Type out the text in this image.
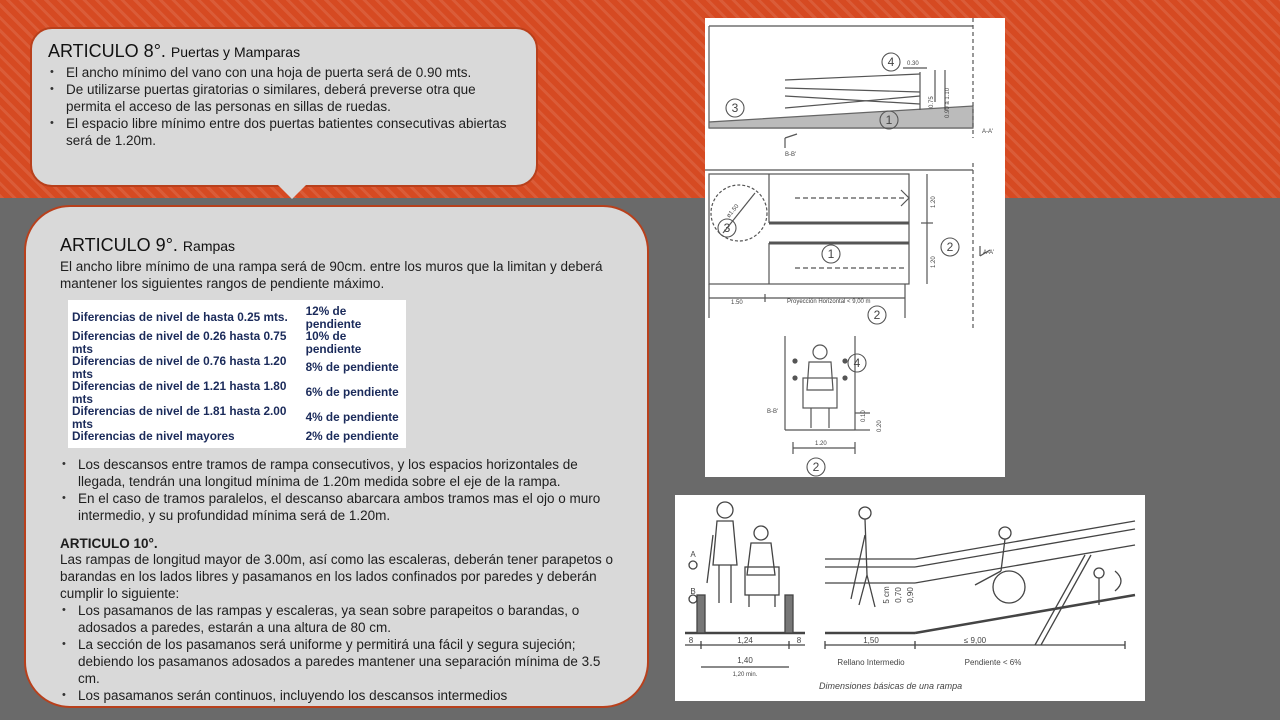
ARTICULO 8°. Puertas y Mamparas
• El ancho mínimo del vano con una hoja de puerta será de 0.90 mts.
• De utilizarse puertas giratorias o similares, deberá preverse otra que permita el acceso de las personas en sillas de ruedas.
• El espacio libre mínimo entre dos puertas batientes consecutivas abiertas será de 1.20m.
ARTICULO 9°. Rampas

El ancho libre mínimo de una rampa será de 90cm. entre los muros que la limitan y deberá mantener los siguientes rangos de pendiente máximo.

Diferencias de nivel de hasta 0.25 mts.	12% de pendiente
Diferencias de nivel de 0.26 hasta 0.75 mts	10% de pendiente
Diferencias de nivel de 0.76 hasta 1.20 mts	8% de pendiente
Diferencias de nivel de 1.21 hasta 1.80 mts	6% de pendiente
Diferencias de nivel de 1.81 hasta 2.00 mts	4% de pendiente
Diferencias de nivel mayores	2% de pendiente
• Los descansos entre tramos de rampa consecutivos, y los espacios horizontales de llegada, tendrán una longitud mínima de 1.20m medida sobre el eje de la rampa.
• En el caso de tramos paralelos, el descanso abarcara ambos tramos mas el ojo o muro intermedio, y su profundidad mínima será de 1.20m.

ARTICULO 10°.

Las rampas de longitud mayor de 3.00m, así como las escaleras, deberán tener parapetos o barandas en los lados libres y pasamanos en los lados confinados por paredes y deberán cumplir lo siguiente:

• Los pasamanos de las rampas y escaleras, ya sean sobre parapeitos o barandas, o adosados a paredes, estarán a una altura de 80 cm.
• La sección de los pasamanos será uniforme y permitirá una fácil y segura sujeción; debiendo los pasamanos adosados a paredes mantener una separación mínima de 3.5 cm.
• Los pasamanos serán continuos, incluyendo los descansos intermedios
4
3
1
3
1	2
2
4
2
A-A'
A-A'
B-B'
B-B'
0.30
0.75 0.90 a 1.10
ø1.50
1.20
1.20
1.50	Proyección Horizontal < 9,00 m
0.10
0.20
1.20
A
B
8	1,24	8
1,40
1,20 min.
5 cm 0,70 0,90
1,50	≤ 9,00
Rellano Intermedio	Pendiente < 6%
Dimensiones básicas de una rampa
